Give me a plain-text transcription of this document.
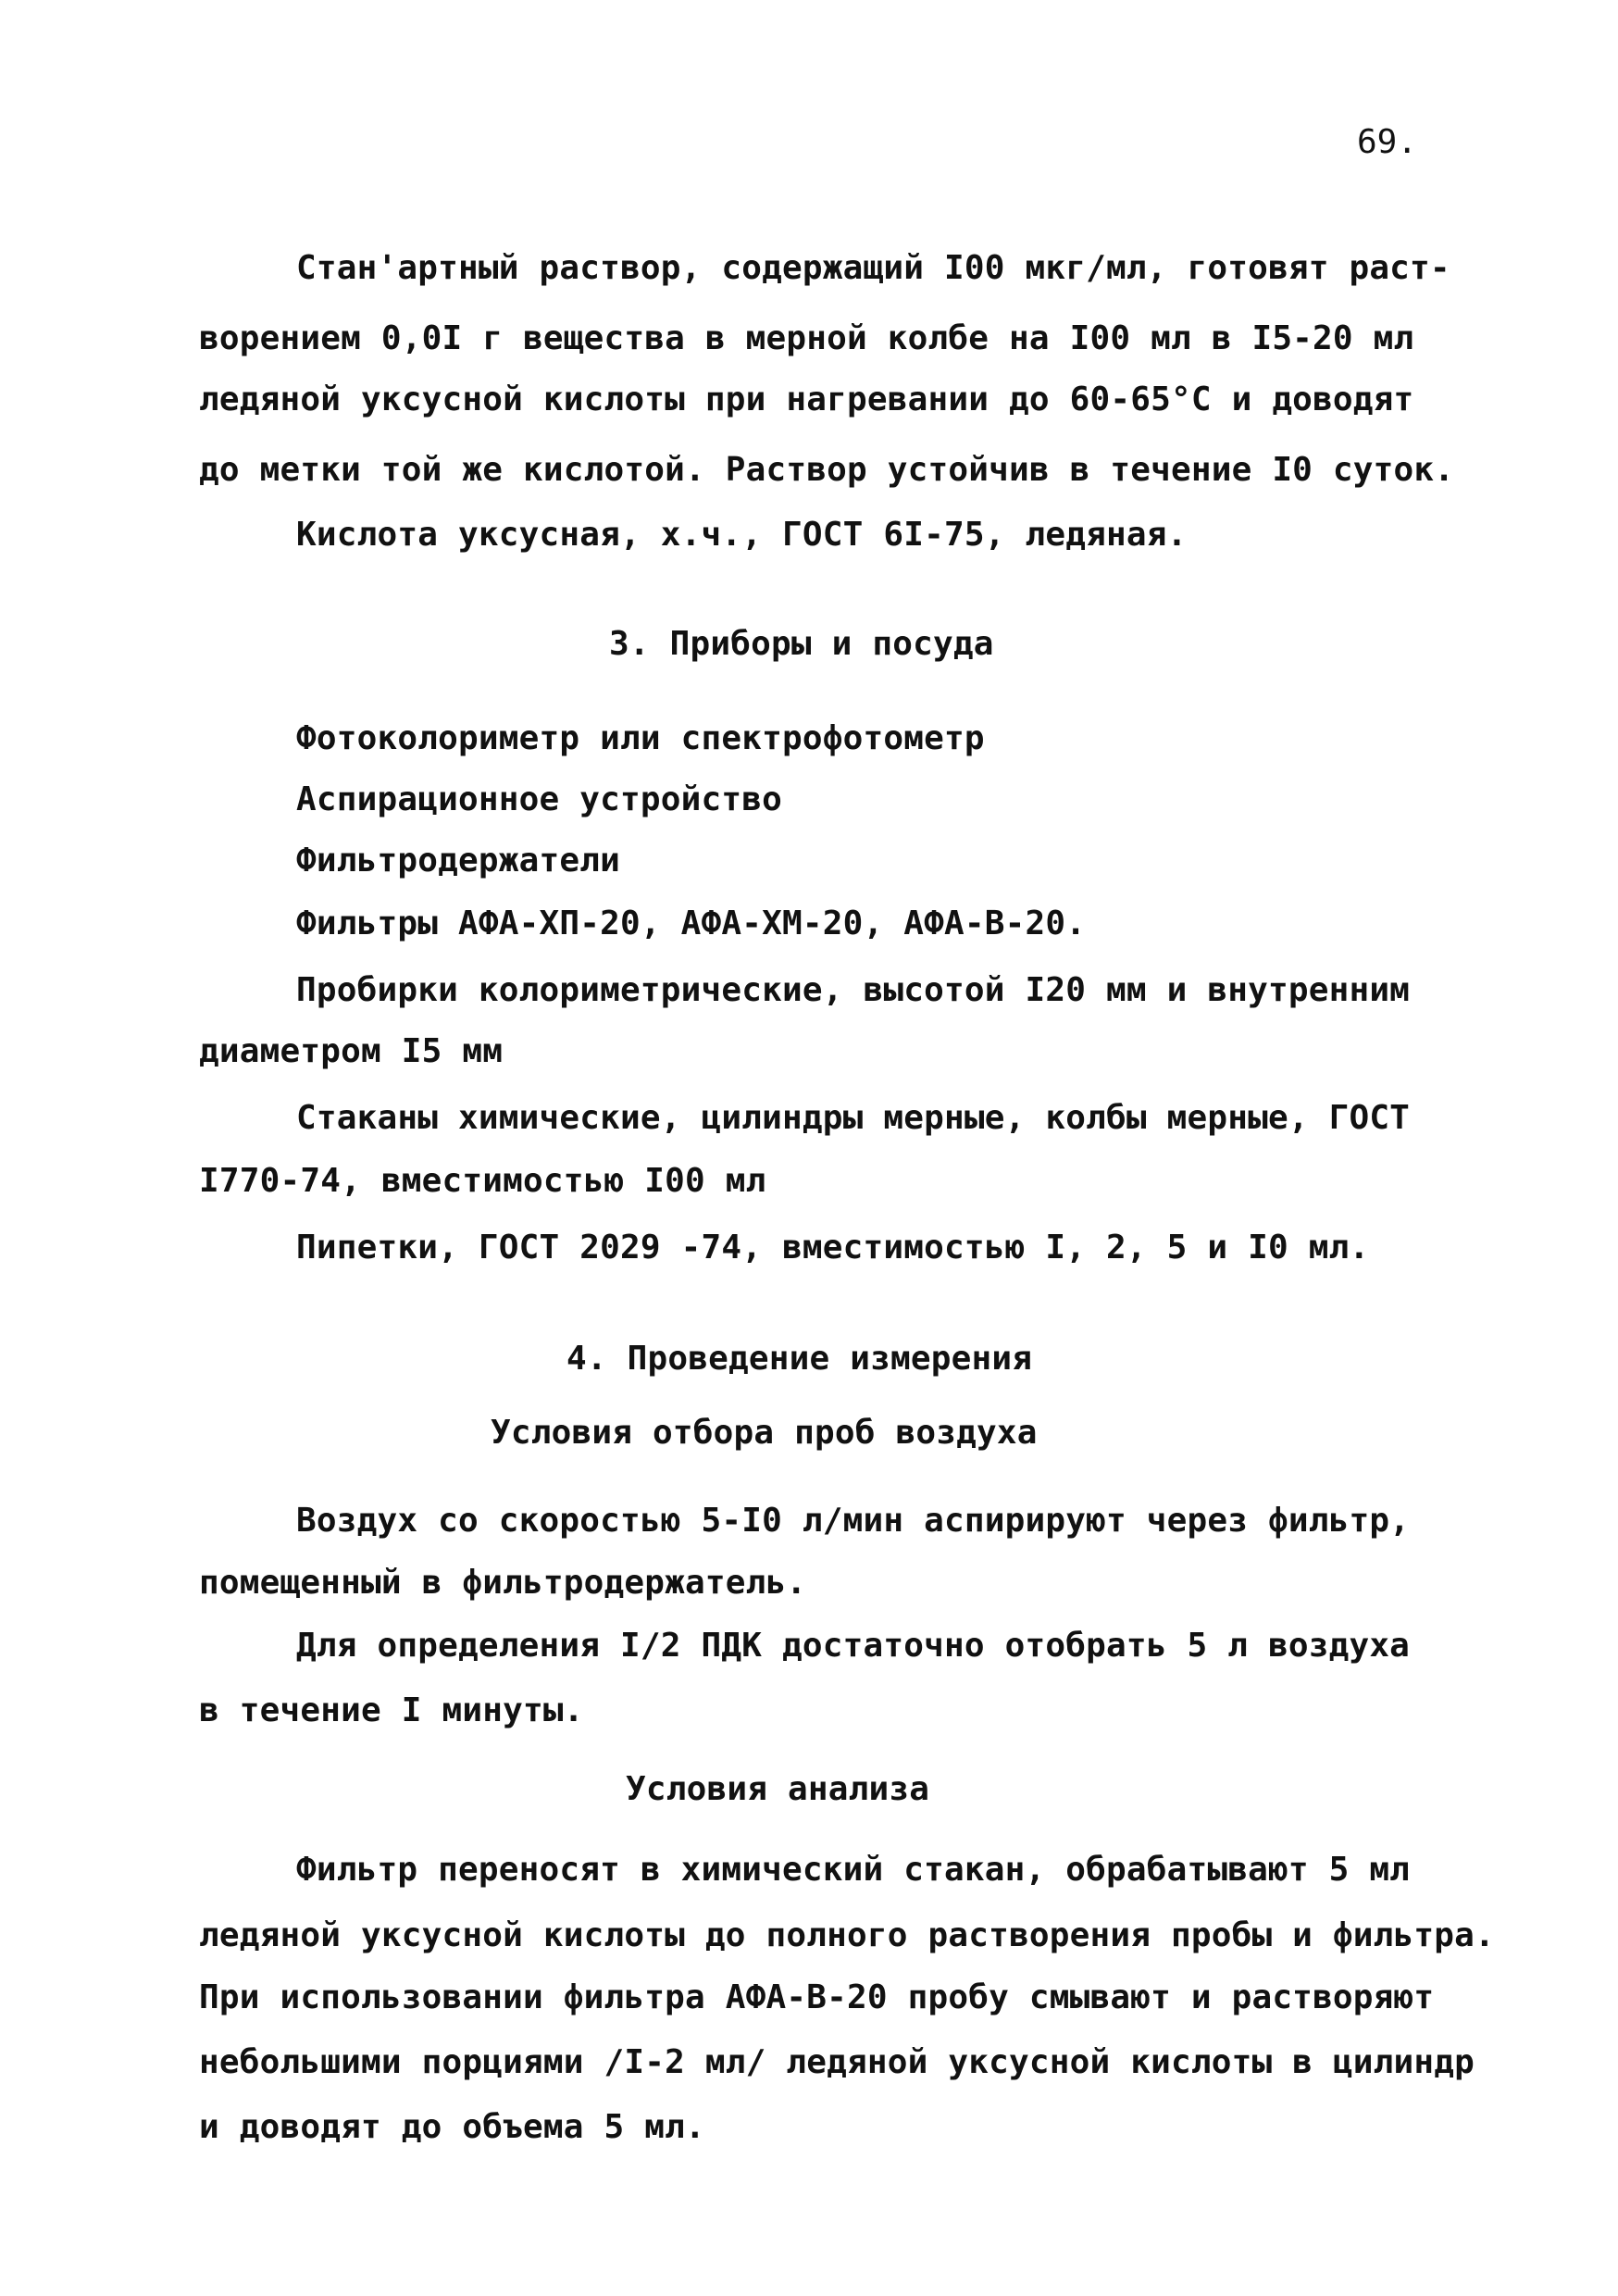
69.
Стан'артный раствор, содержащий I00 мкг/мл, готовят раст-
ворением 0,0I г вещества в мерной колбе на I00 мл в I5-20 мл
ледяной уксусной кислоты при нагревании до 60-65°С и доводят
до метки той же кислотой. Раствор устойчив в течение I0 суток.
Кислота уксусная, х.ч., ГОСТ 6I-75, ледяная.
3. Приборы и посуда
Фотоколориметр или спектрофотометр
Аспирационное устройство
Фильтродержатели
Фильтры АФА-ХП-20, АФА-ХМ-20, АФА-В-20.
Пробирки колориметрические, высотой I20 мм и внутренним
диаметром I5 мм
Стаканы химические, цилиндры мерные, колбы мерные, ГОСТ
I770-74, вместимостью I00 мл
Пипетки, ГОСТ 2029 -74, вместимостью I, 2, 5 и I0 мл.
4. Проведение измерения
Условия отбора проб воздуха
Воздух со скоростью 5-I0 л/мин аспирируют через фильтр,
помещенный в фильтродержатель.
Для определения I/2 ПДК достаточно отобрать 5 л воздуха
в течение I минуты.
Условия анализа
Фильтр переносят в химический стакан, обрабатывают 5 мл
ледяной уксусной кислоты до полного растворения пробы и фильтра.
При использовании фильтра АФА-В-20 пробу смывают и растворяют
небольшими порциями /I-2 мл/ ледяной уксусной кислоты в цилиндр
и доводят до объема 5 мл.
